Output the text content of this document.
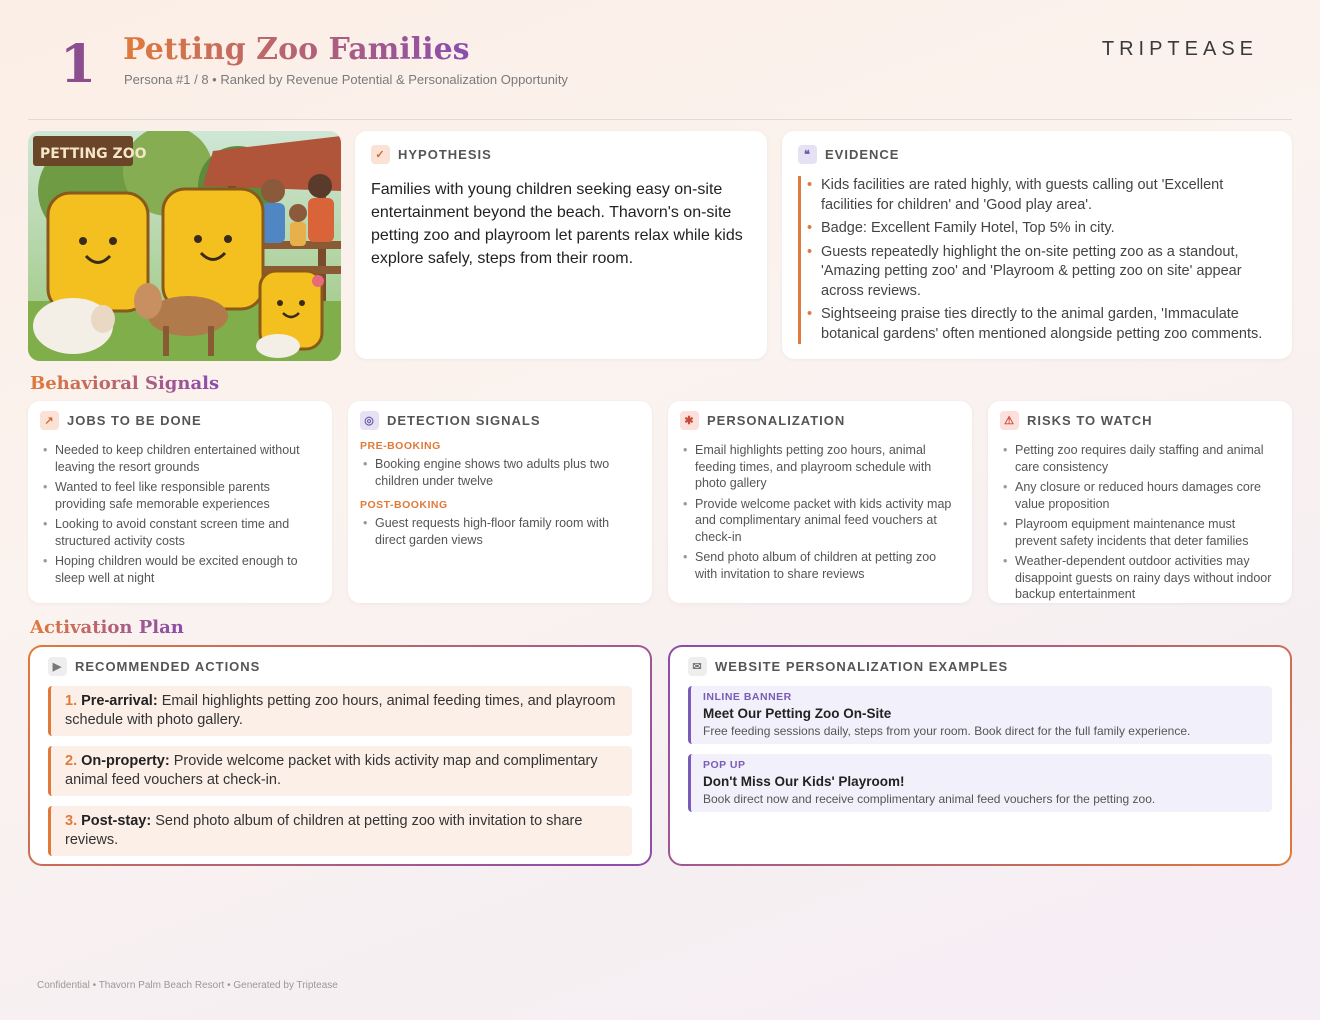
1 Petting Zoo Families
Persona #1 / 8 • Ranked by Revenue Potential & Personalization Opportunity
TRIPTEASE
PETTING ZOO	✓ HYPOTHESIS
Families with young children seeking easy on-site entertainment beyond the beach. Thavorn's on-site petting zoo and playroom let parents relax while kids explore safely, steps from their room.
❝	EVIDENCE
• Kids facilities are rated highly, with guests calling out 'Excellent facilities for children' and 'Good play area'.
• Badge: Excellent Family Hotel, Top 5% in city.
• Guests repeatedly highlight the on-site petting zoo as a standout, 'Amazing petting zoo' and 'Playroom & petting zoo on site' appear across reviews.
• Sightseeing praise ties directly to the animal garden, 'Immaculate botanical gardens' often mentioned alongside petting zoo comments.
Behavioral Signals
↗ JOBS TO BE DONE
• Needed to keep children entertained without leaving the resort grounds
• Wanted to feel like responsible parents providing safe memorable experiences
• Looking to avoid constant screen time and structured activity costs
• Hoping children would be excited enough to sleep well at night
◎ DETECTION SIGNALS
PRE-BOOKING
• Booking engine shows two adults plus two children under twelve
POST-BOOKING
• Guest requests high-floor family room with direct garden views
✱ PERSONALIZATION
• Email highlights petting zoo hours, animal feeding times, and playroom schedule with photo gallery
• Provide welcome packet with kids activity map and complimentary animal feed vouchers at check-in
• Send photo album of children at petting zoo with invitation to share reviews
⚠ RISKS TO WATCH
• Petting zoo requires daily staffing and animal care consistency
• Any closure or reduced hours damages core value proposition
• Playroom equipment maintenance must prevent safety incidents that deter families
• Weather-dependent outdoor activities may disappoint guests on rainy days without indoor backup entertainment
Activation Plan
▶ RECOMMENDED ACTIONS
1. Pre-arrival: Email highlights petting zoo hours, animal feeding times, and playroom schedule with photo gallery.
2. On-property: Provide welcome packet with kids activity map and complimentary animal feed vouchers at check-in.
3. Post-stay: Send photo album of children at petting zoo with invitation to share reviews.
✉ WEBSITE PERSONALIZATION EXAMPLES
INLINE BANNER
Meet Our Petting Zoo On-Site
Free feeding sessions daily, steps from your room. Book direct for the full family experience.
POP UP
Don't Miss Our Kids' Playroom!
Book direct now and receive complimentary animal feed vouchers for the petting zoo.
Confidential • Thavorn Palm Beach Resort • Generated by Triptease
